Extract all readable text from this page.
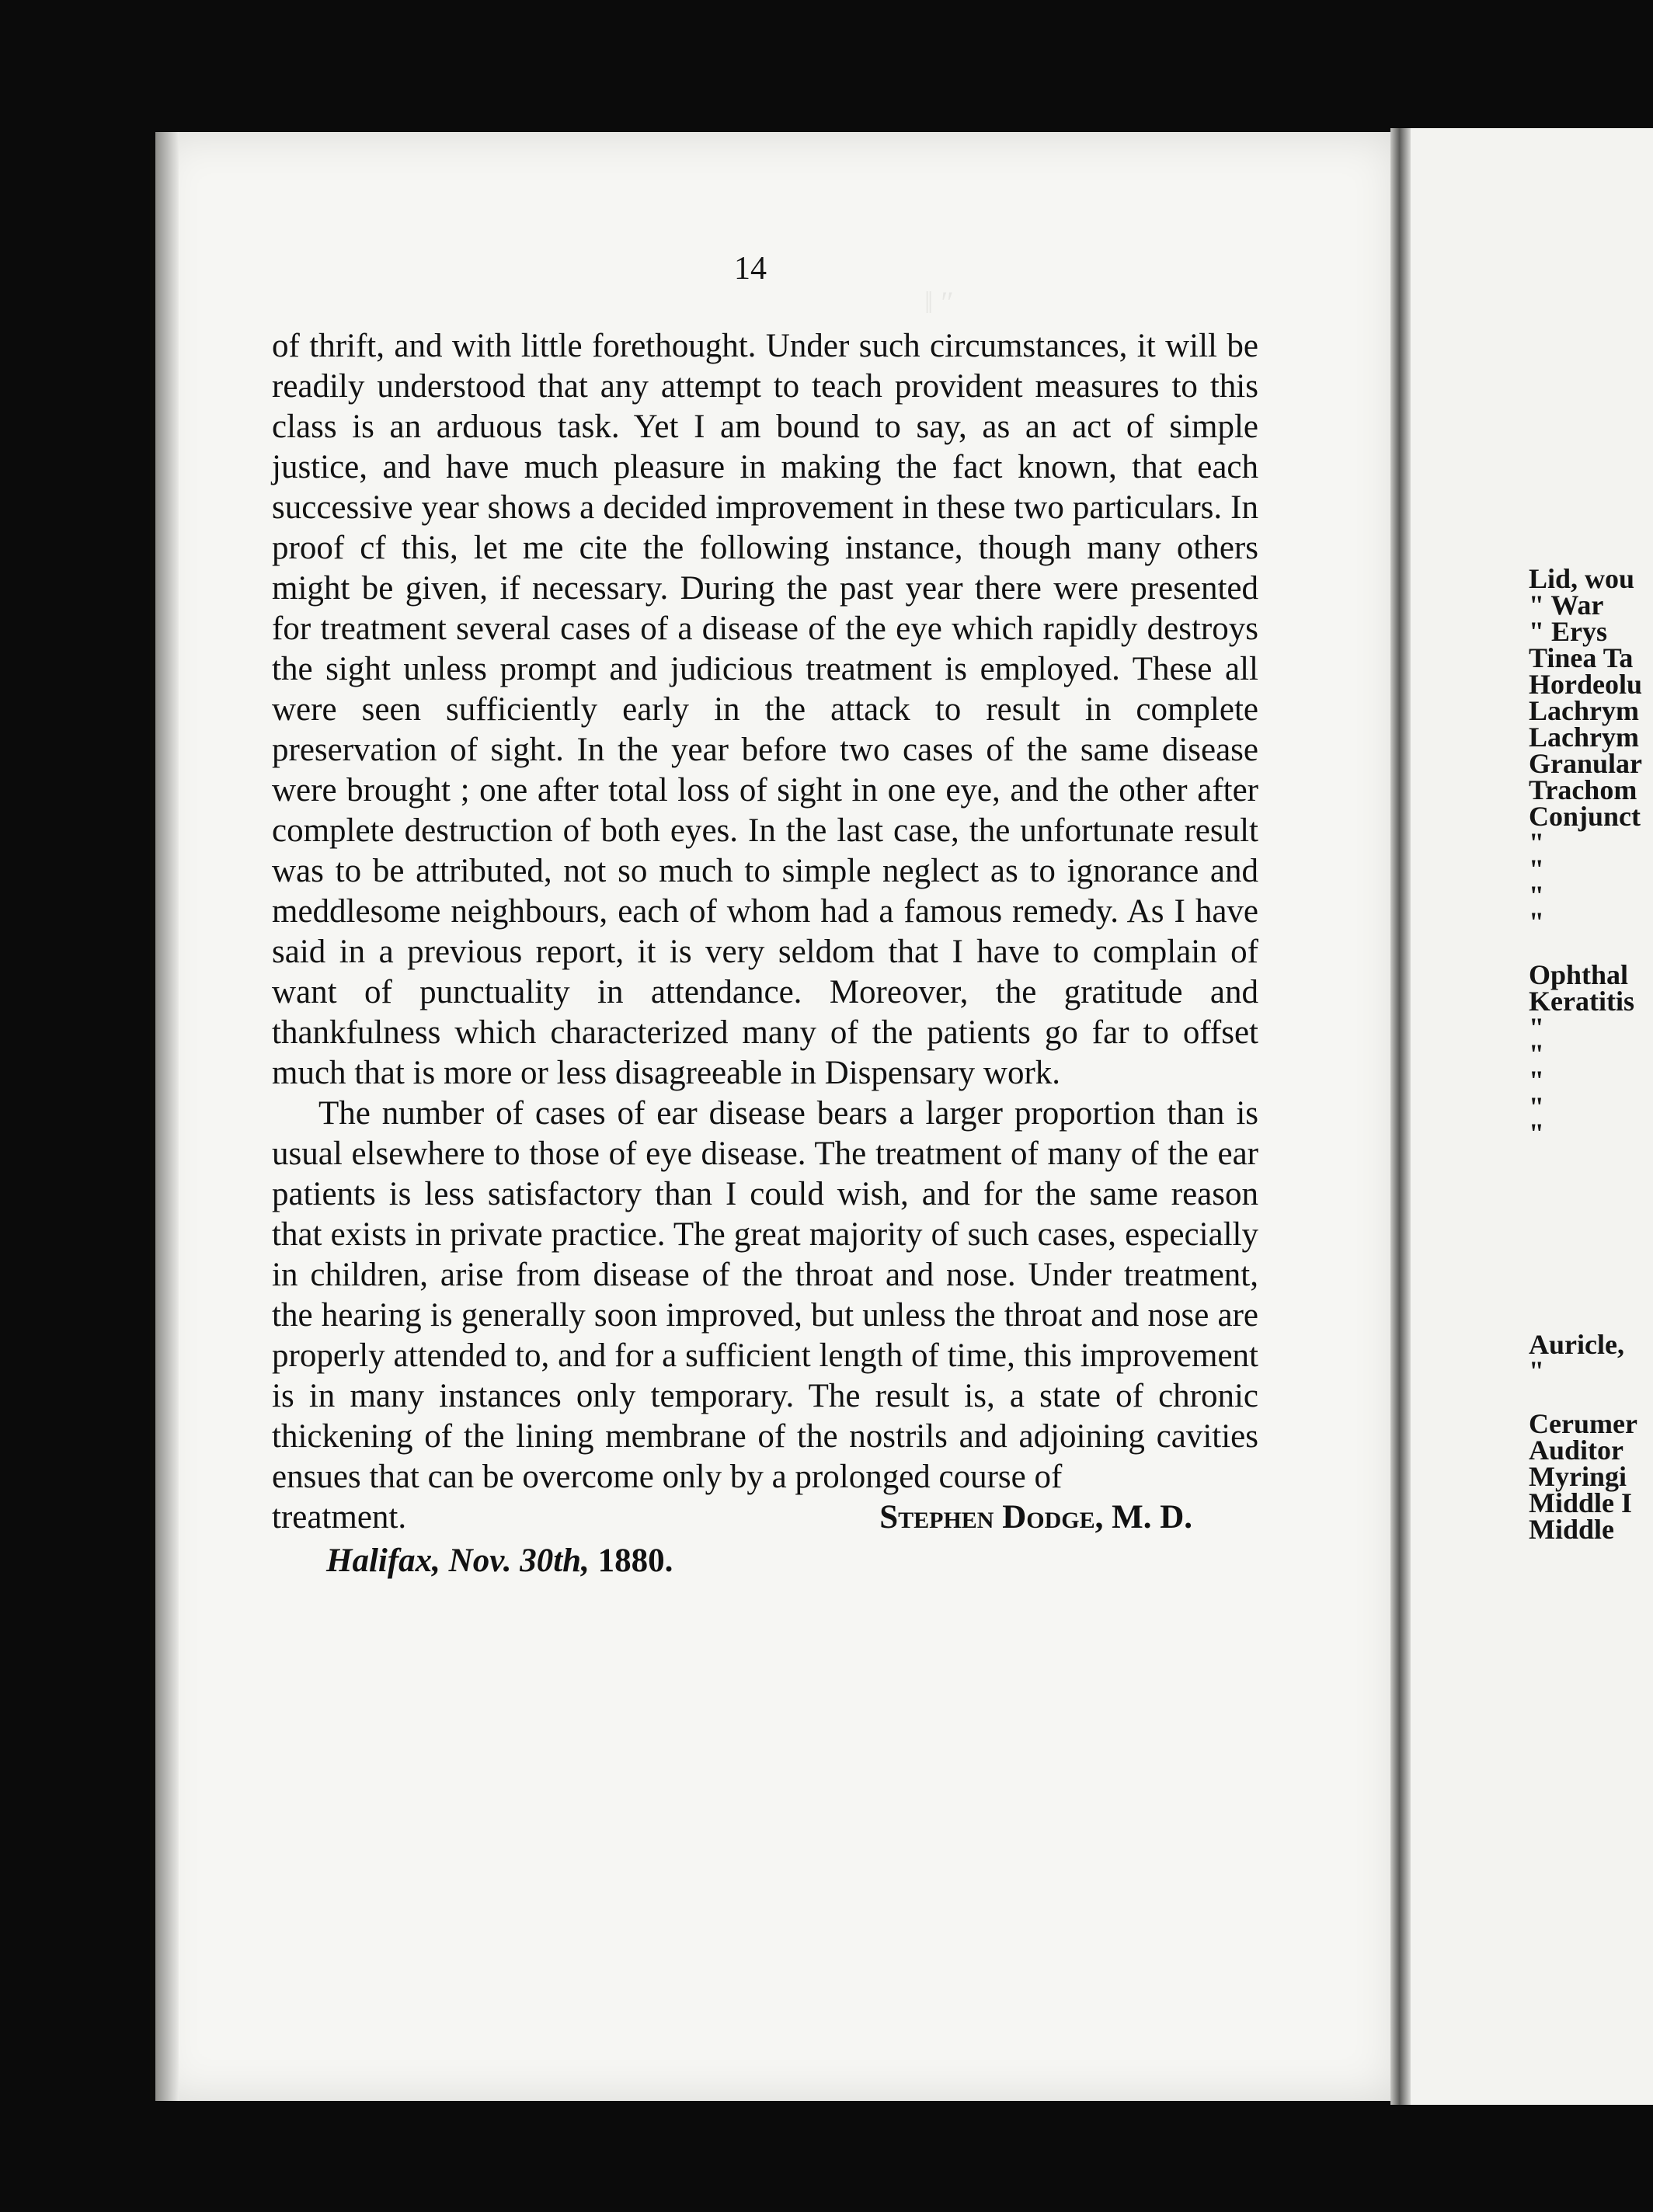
‖ ″
14

of thrift, and with little forethought. Under such circumstances, it will be readily understood that any attempt to teach provident measures to this class is an arduous task. Yet I am bound to say, as an act of simple justice, and have much pleasure in making the fact known, that each successive year shows a decided improvement in these two particulars. In proof cf this, let me cite the following instance, though many others might be given, if necessary. During the past year there were presented for treatment several cases of a disease of the eye which rapidly destroys the sight unless prompt and judicious treatment is employed. These all were seen sufficiently early in the attack to result in complete preservation of sight. In the year before two cases of the same disease were brought ; one after total loss of sight in one eye, and the other after complete destruction of both eyes. In the last case, the unfortunate result was to be attributed, not so much to simple neglect as to ignorance and meddlesome neighbours, each of whom had a famous remedy. As I have said in a previous report, it is very seldom that I have to complain of want of punctuality in attendance. Moreover, the gratitude and thankfulness which characterized many of the patients go far to offset much that is more or less disagreeable in Dispensary work.

The number of cases of ear disease bears a larger proportion than is usual elsewhere to those of eye disease. The treatment of many of the ear patients is less satisfactory than I could wish, and for the same reason that exists in private practice. The great majority of such cases, especially in children, arise from disease of the throat and nose. Under treatment, the hearing is generally soon improved, but unless the throat and nose are properly attended to, and for a sufficient length of time, this improvement is in many instances only temporary. The result is, a state of chronic thickening of the lining membrane of the nostrils and adjoining cavities ensues that can be overcome only by a prolonged course of

treatment.	Stephen Dodge, M. D.
Halifax, Nov. 30th, 1880.
Lid, wou
" War
" Erys
Tinea Ta
Hordeolu
Lachrym
Lachrym
Granular
Trachom
Conjunct
"
"
"
"
Ophthal
Keratitis
"
"
"
"
"
Auricle,
"
Cerumer
Auditor
Myringi
Middle I
Middle
